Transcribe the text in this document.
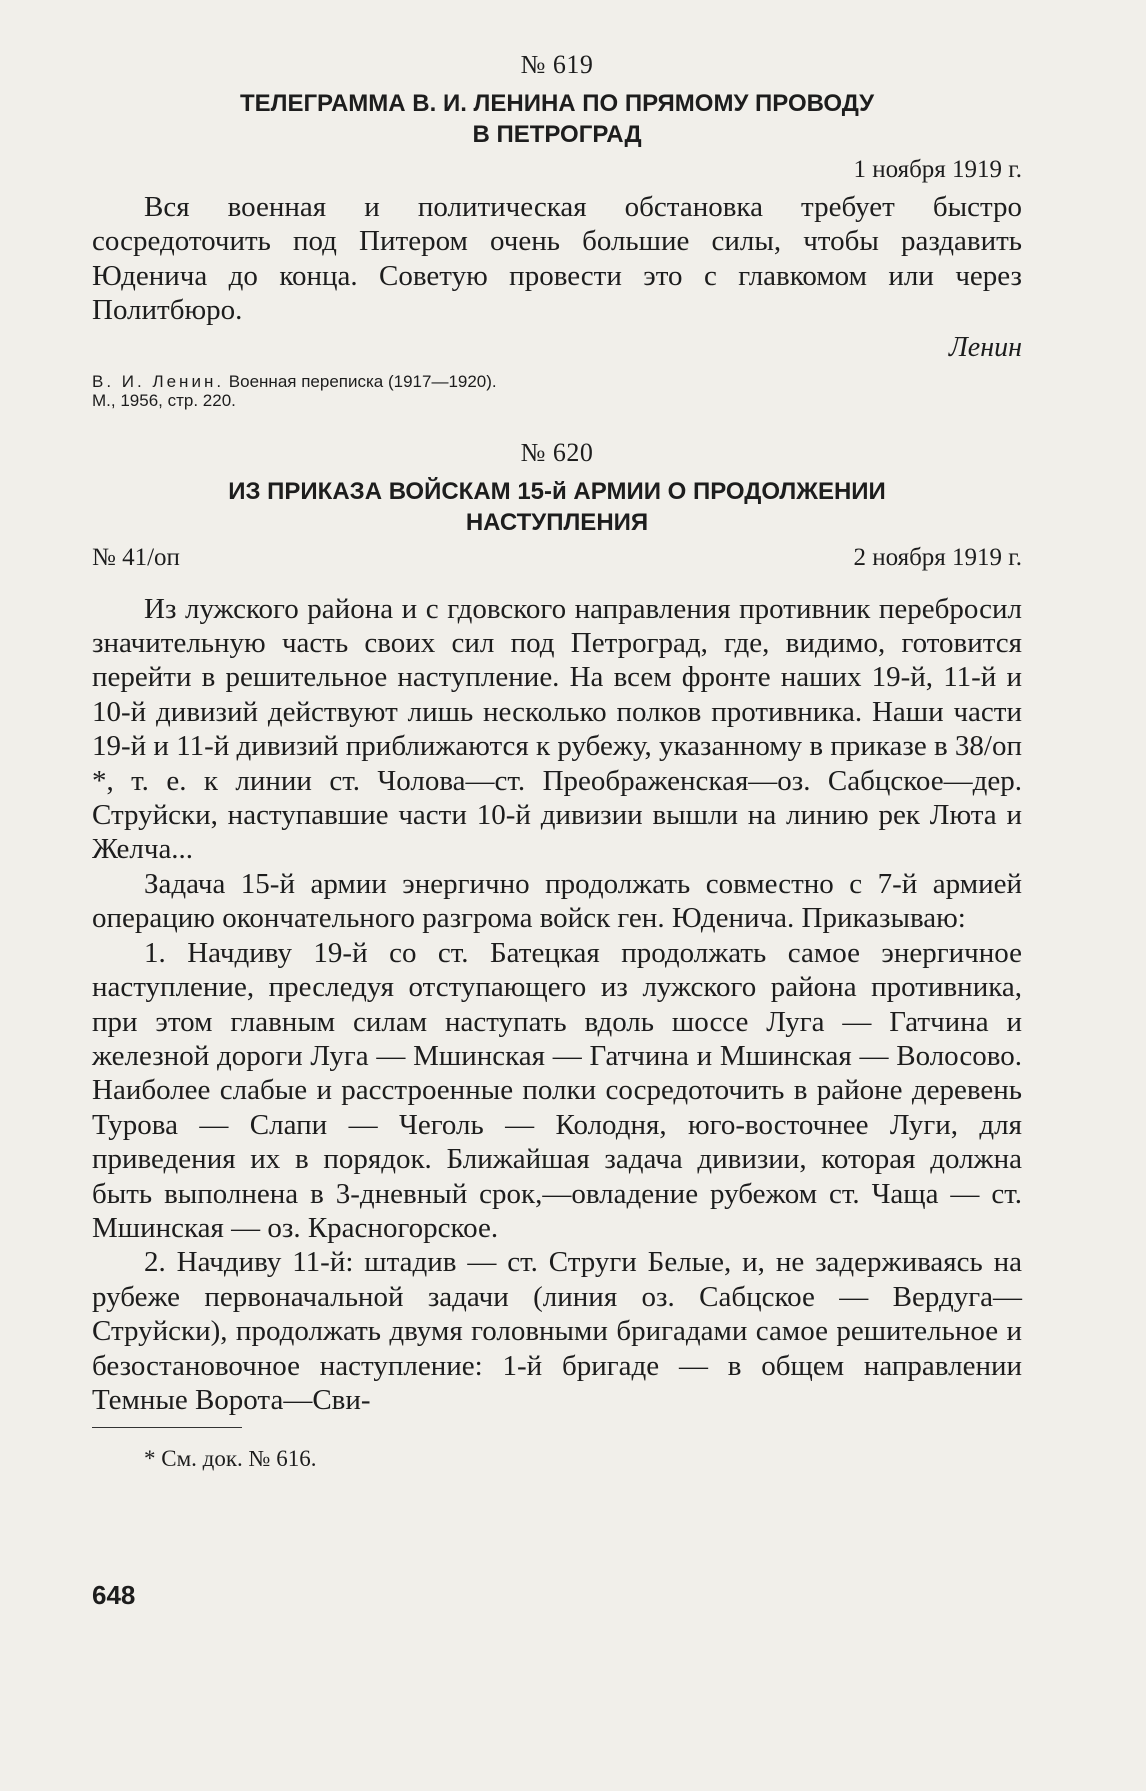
№ 619
ТЕЛЕГРАММА В. И. ЛЕНИНА ПО ПРЯМОМУ ПРОВОДУ
В ПЕТРОГРАД
1 ноября 1919 г.

Вся военная и политическая обстановка требует быстро сосредоточить под Питером очень большие силы, чтобы раздавить Юденича до конца. Советую провести это с главкомом или через Политбюро.

Ленин
В. И. Ленин. Военная переписка (1917—1920). М., 1956, стр. 220.
№ 620
ИЗ ПРИКАЗА ВОЙСКАМ 15-й АРМИИ О ПРОДОЛЖЕНИИ
НАСТУПЛЕНИЯ
№ 41/оп	2 ноября 1919 г.

Из лужского района и с гдовского направления противник перебросил значительную часть своих сил под Петроград, где, видимо, готовится перейти в решительное наступление. На всем фронте наших 19-й, 11-й и 10-й дивизий действуют лишь несколько полков противника. Наши части 19-й и 11-й дивизий приближаются к рубежу, указанному в приказе в 38/оп *, т. е. к линии ст. Чолова—ст. Преображенская—оз. Сабцское—дер. Струйски, наступавшие части 10-й дивизии вышли на линию рек Люта и Желча...

Задача 15-й армии энергично продолжать совместно с 7-й армией операцию окончательного разгрома войск ген. Юденича. Приказываю:

1. Начдиву 19-й со ст. Батецкая продолжать самое энергичное наступление, преследуя отступающего из лужского района противника, при этом главным силам наступать вдоль шоссе Луга — Гатчина и железной дороги Луга — Мшинская — Гатчина и Мшинская — Волосово. Наиболее слабые и расстроенные полки сосредоточить в районе деревень Турова — Слапи — Чеголь — Колодня, юго-восточнее Луги, для приведения их в порядок. Ближайшая задача дивизии, которая должна быть выполнена в 3-дневный срок,—овладение рубежом ст. Чаща — ст. Мшинская — оз. Красногорское.

2. Начдиву 11-й: штадив — ст. Струги Белые, и, не задерживаясь на рубеже первоначальной задачи (линия оз. Сабцское — Вердуга—Струйски), продолжать двумя головными бригадами самое решительное и безостановочное наступление: 1-й бригаде — в общем направлении Темные Ворота—Сви-

* См. док. № 616.

648
